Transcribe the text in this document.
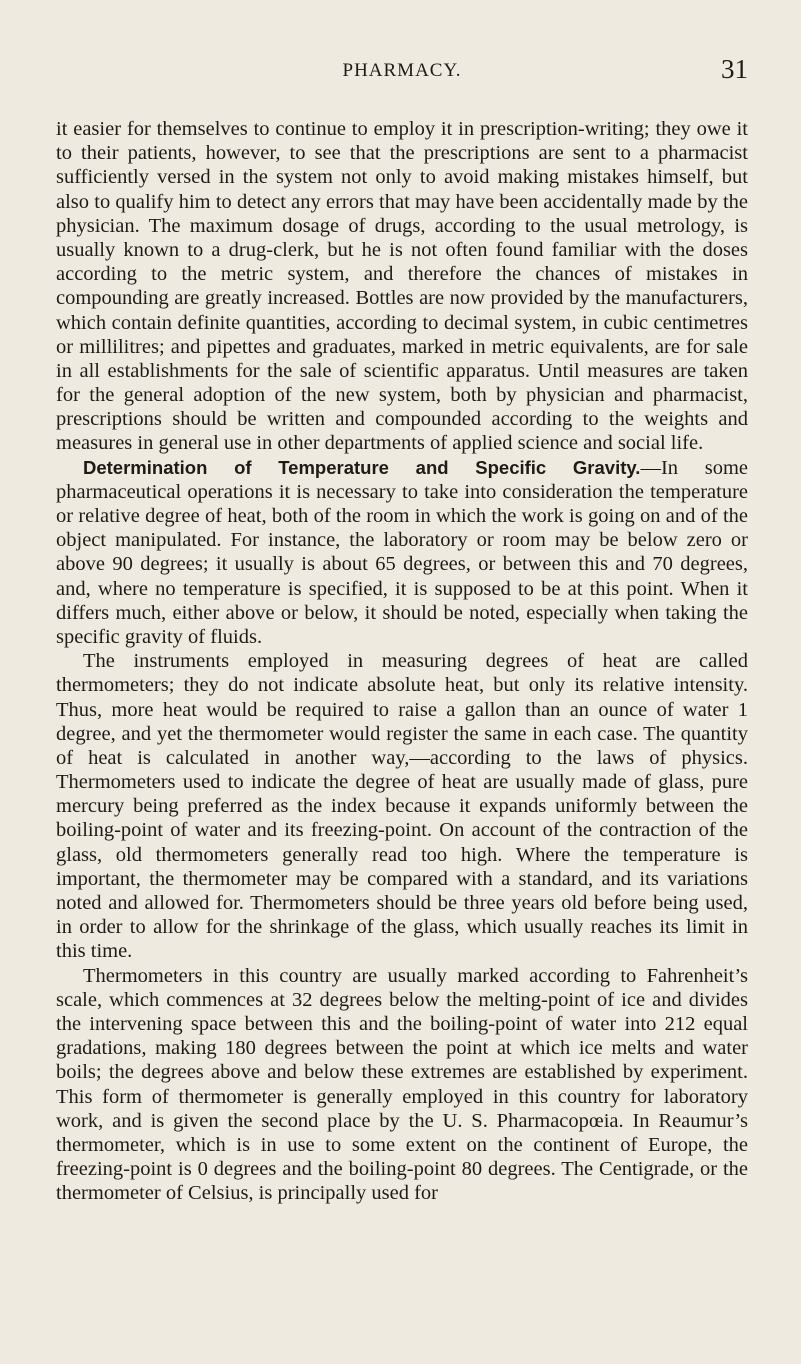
PHARMACY.	31

it easier for themselves to continue to employ it in prescription-writing; they owe it to their patients, however, to see that the prescriptions are sent to a pharmacist sufficiently versed in the system not only to avoid making mistakes himself, but also to qualify him to detect any errors that may have been accidentally made by the physician. The maximum dosage of drugs, according to the usual metrology, is usually known to a drug-clerk, but he is not often found familiar with the doses according to the metric system, and therefore the chances of mistakes in compounding are greatly increased. Bottles are now provided by the manufacturers, which contain definite quantities, according to decimal system, in cubic centimetres or millilitres; and pipettes and graduates, marked in metric equivalents, are for sale in all establishments for the sale of scientific apparatus. Until measures are taken for the general adoption of the new system, both by physician and pharmacist, prescriptions should be written and compounded according to the weights and measures in general use in other departments of applied science and social life.

Determination of Temperature and Specific Gravity.—In some pharmaceutical operations it is necessary to take into consideration the temperature or relative degree of heat, both of the room in which the work is going on and of the object manipulated. For instance, the laboratory or room may be below zero or above 90 degrees; it usually is about 65 degrees, or between this and 70 degrees, and, where no temperature is specified, it is supposed to be at this point. When it differs much, either above or below, it should be noted, especially when taking the specific gravity of fluids.

The instruments employed in measuring degrees of heat are called thermometers; they do not indicate absolute heat, but only its relative intensity. Thus, more heat would be required to raise a gallon than an ounce of water 1 degree, and yet the thermometer would register the same in each case. The quantity of heat is calculated in another way,—according to the laws of physics. Thermometers used to indicate the degree of heat are usually made of glass, pure mercury being preferred as the index because it expands uniformly between the boiling-point of water and its freezing-point. On account of the contraction of the glass, old thermometers generally read too high. Where the temperature is important, the thermometer may be compared with a standard, and its variations noted and allowed for. Thermometers should be three years old before being used, in order to allow for the shrinkage of the glass, which usually reaches its limit in this time.

Thermometers in this country are usually marked according to Fahrenheit’s scale, which commences at 32 degrees below the melting-point of ice and divides the intervening space between this and the boiling-point of water into 212 equal gradations, making 180 degrees between the point at which ice melts and water boils; the degrees above and below these extremes are established by experiment. This form of thermometer is generally employed in this country for laboratory work, and is given the second place by the U. S. Pharmacopœia. In Reaumur’s thermometer, which is in use to some extent on the continent of Europe, the freezing-point is 0 degrees and the boiling-point 80 degrees. The Centigrade, or the thermometer of Celsius, is principally used for
